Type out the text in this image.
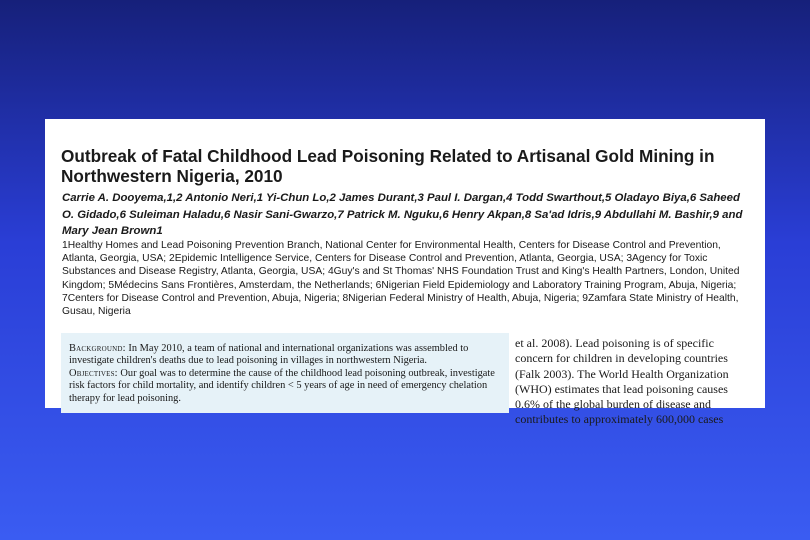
Outbreak of Fatal Childhood Lead Poisoning Related to Artisanal Gold Mining in Northwestern Nigeria, 2010
Carrie A. Dooyema,1,2 Antonio Neri,1 Yi-Chun Lo,2 James Durant,3 Paul I. Dargan,4 Todd Swarthout,5 Oladayo Biya,6 Saheed O. Gidado,6 Suleiman Haladu,6 Nasir Sani-Gwarzo,7 Patrick M. Nguku,6 Henry Akpan,8 Sa'ad Idris,9 Abdullahi M. Bashir,9 and Mary Jean Brown1
1Healthy Homes and Lead Poisoning Prevention Branch, National Center for Environmental Health, Centers for Disease Control and Prevention, Atlanta, Georgia, USA; 2Epidemic Intelligence Service, Centers for Disease Control and Prevention, Atlanta, Georgia, USA; 3Agency for Toxic Substances and Disease Registry, Atlanta, Georgia, USA; 4Guy's and St Thomas' NHS Foundation Trust and King's Health Partners, London, United Kingdom; 5Médecins Sans Frontières, Amsterdam, the Netherlands; 6Nigerian Field Epidemiology and Laboratory Training Program, Abuja, Nigeria; 7Centers for Disease Control and Prevention, Abuja, Nigeria; 8Nigerian Federal Ministry of Health, Abuja, Nigeria; 9Zamfara State Ministry of Health, Gusau, Nigeria
Background: In May 2010, a team of national and international organizations was assembled to investigate children's deaths due to lead poisoning in villages in northwestern Nigeria.
Objectives: Our goal was to determine the cause of the childhood lead poisoning outbreak, investigate risk factors for child mortality, and identify children < 5 years of age in need of emergency chelation therapy for lead poisoning.
et al. 2008). Lead poisoning is of specific concern for children in developing countries (Falk 2003). The World Health Organization (WHO) estimates that lead poisoning causes 0.6% of the global burden of disease and contributes to approximately 600,000 cases
